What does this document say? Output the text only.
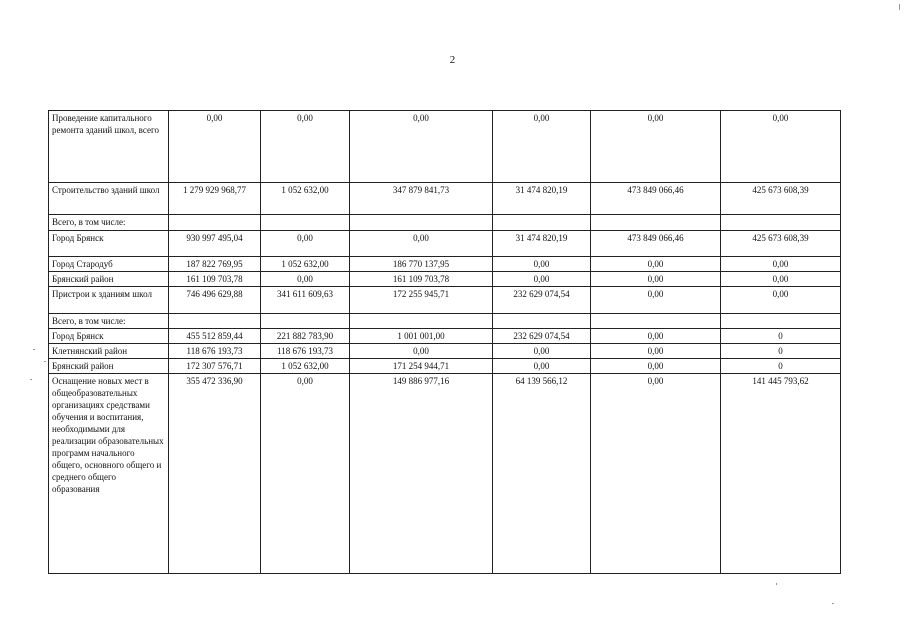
2
Проведение капитального ремонта зданий школ, всего	0,00	0,00	0,00	0,00	0,00	0,00
Строительство зданий школ	1 279 929 968,77	1 052 632,00	347 879 841,73	31 474 820,19	473 849 066,46	425 673 608,39
Всего, в том числе:						
Город Брянск	930 997 495,04	0,00	0,00	31 474 820,19	473 849 066,46	425 673 608,39
Город Стародуб	187 822 769,95	1 052 632,00	186 770 137,95	0,00	0,00	0,00
Брянский район	161 109 703,78	0,00	161 109 703,78	0,00	0,00	0,00
Пристрои к зданиям школ	746 496 629,88	341 611 609,63	172 255 945,71	232 629 074,54	0,00	0,00
Всего, в том числе:						
Город Брянск	455 512 859,44	221 882 783,90	1 001 001,00	232 629 074,54	0,00	0
Клетнянский район	118 676 193,73	118 676 193,73	0,00	0,00	0,00	0
Брянский район	172 307 576,71	1 052 632,00	171 254 944,71	0,00	0,00	0
Оснащение новых мест в общеобразовательных организациях средствами обучения и воспитания, необходимыми для реализации образовательных программ начального общего, основного общего и среднего общего образования	355 472 336,90	0,00	149 886 977,16	64 139 566,12	0,00	141 445 793,62
